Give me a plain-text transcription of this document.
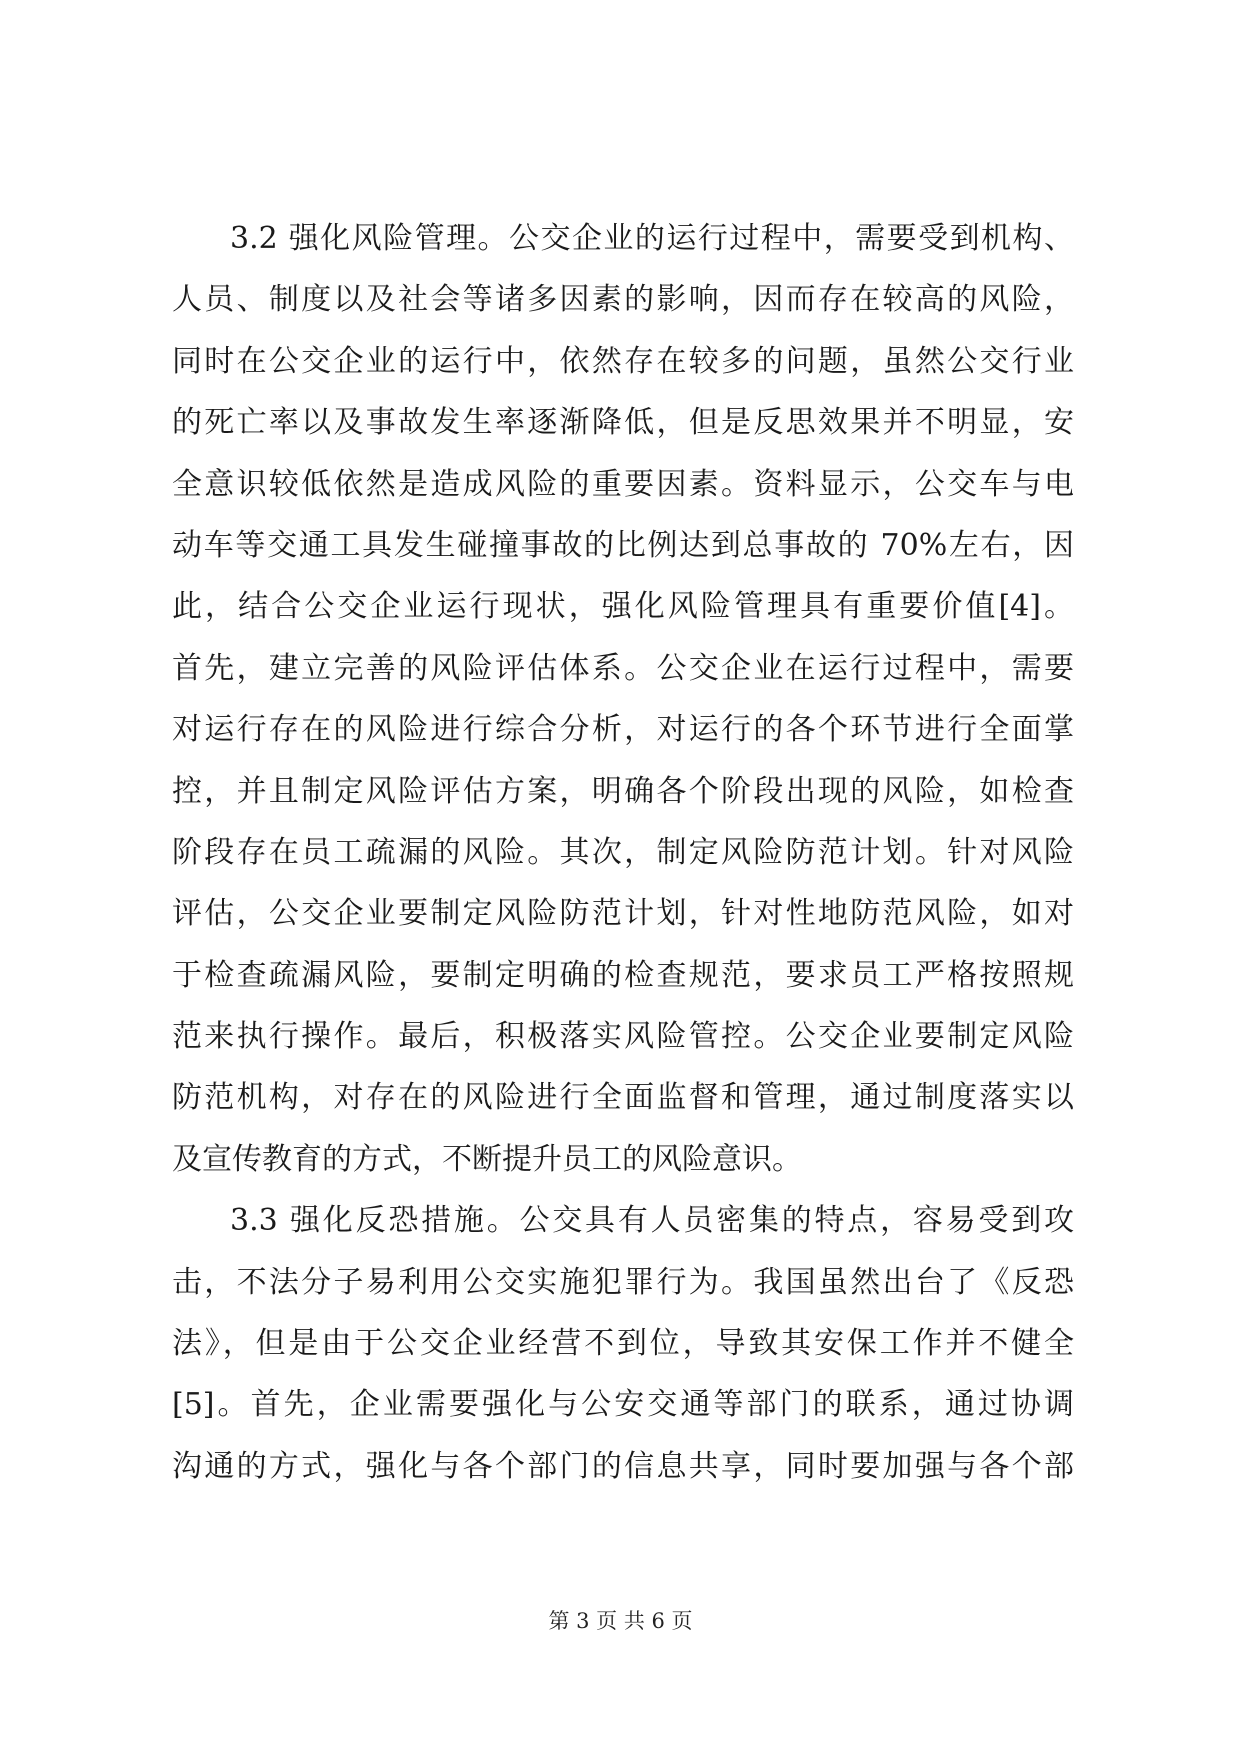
3.2 强化风险管理。公交企业的运行过程中，需要受到机构、
人员、制度以及社会等诸多因素的影响，因而存在较高的风险，
同时在公交企业的运行中，依然存在较多的问题，虽然公交行业
的死亡率以及事故发生率逐渐降低，但是反思效果并不明显，安
全意识较低依然是造成风险的重要因素。资料显示，公交车与电
动车等交通工具发生碰撞事故的比例达到总事故的 70%左右，因
此，结合公交企业运行现状，强化风险管理具有重要价值[4]。
首先，建立完善的风险评估体系。公交企业在运行过程中，需要
对运行存在的风险进行综合分析，对运行的各个环节进行全面掌
控，并且制定风险评估方案，明确各个阶段出现的风险，如检查
阶段存在员工疏漏的风险。其次，制定风险防范计划。针对风险
评估，公交企业要制定风险防范计划，针对性地防范风险，如对
于检查疏漏风险，要制定明确的检查规范，要求员工严格按照规
范来执行操作。最后，积极落实风险管控。公交企业要制定风险
防范机构，对存在的风险进行全面监督和管理，通过制度落实以
及宣传教育的方式，不断提升员工的风险意识。
3.3 强化反恐措施。公交具有人员密集的特点，容易受到攻
击，不法分子易利用公交实施犯罪行为。我国虽然出台了《反恐
法》，但是由于公交企业经营不到位，导致其安保工作并不健全
[5]。首先，企业需要强化与公安交通等部门的联系，通过协调
沟通的方式，强化与各个部门的信息共享，同时要加强与各个部
第 3 页 共 6 页
